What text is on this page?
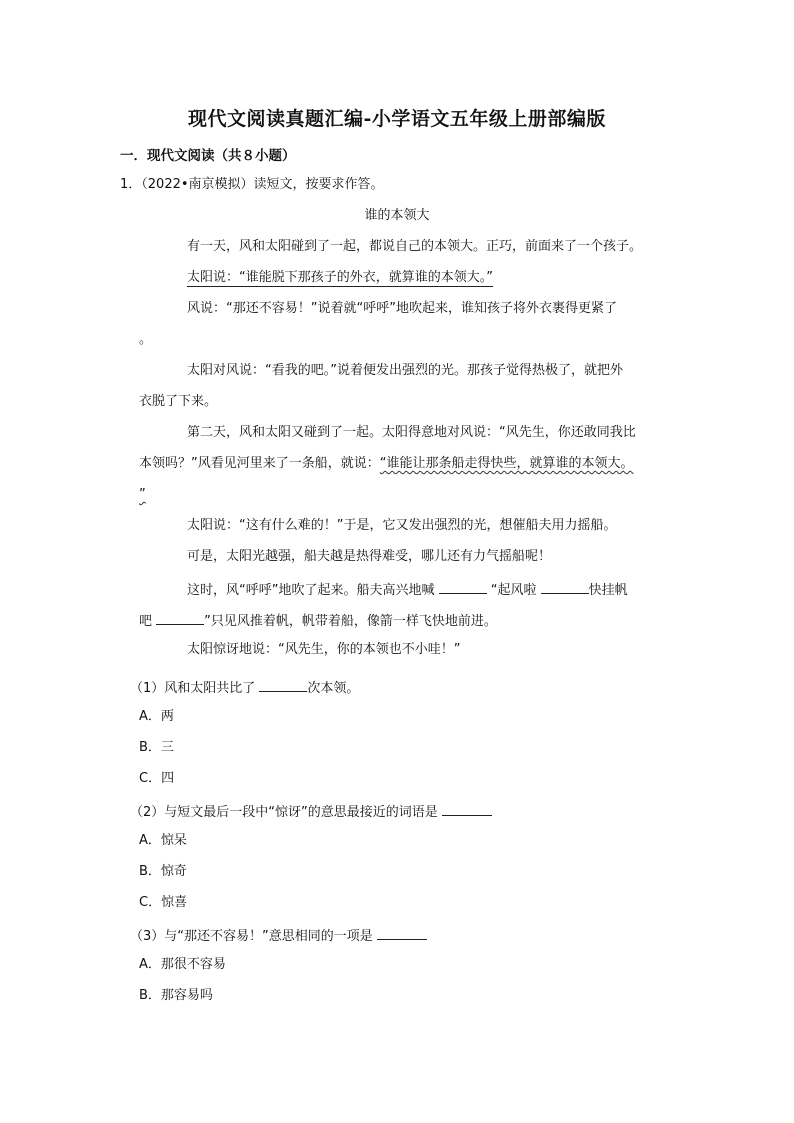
现代文阅读真题汇编-小学语文五年级上册部编版
一．现代文阅读（共８小题）
1．（2022•南京模拟）读短文，按要求作答。
谁的本领大
有一天，风和太阳碰到了一起，都说自己的本领大。正巧，前面来了一个孩子。
太阳说：“谁能脱下那孩子的外衣，就算谁的本领大。”
风说：“那还不容易！”说着就“呼呼”地吹起来，谁知孩子将外衣裹得更紧了
。
太阳对风说：“看我的吧。”说着便发出强烈的光。那孩子觉得热极了，就把外
衣脱了下来。
第二天，风和太阳又碰到了一起。太阳得意地对风说：“风先生，你还敢同我比
本领吗？”风看见河里来了一条船，就说：“谁能让那条船走得快些，就算谁的本领大。
”
太阳说：“这有什么难的！”于是，它又发出强烈的光，想催船夫用力摇船。
可是，太阳光越强，船夫越是热得难受，哪儿还有力气摇船呢！
这时，风“呼呼”地吹了起来。船夫高兴地喊	“起风啦	快挂帆
吧	”只见风推着帆，帆带着船，像箭一样飞快地前进。
太阳惊讶地说：“风先生，你的本领也不小哇！”
（1）风和太阳共比了	次本领。
A．两
B．三
C．四
（2）与短文最后一段中“惊讶”的意思最接近的词语是
A．惊呆
B．惊奇
C．惊喜
（3）与“那还不容易！”意思相同的一项是
A．那很不容易
B．那容易吗
